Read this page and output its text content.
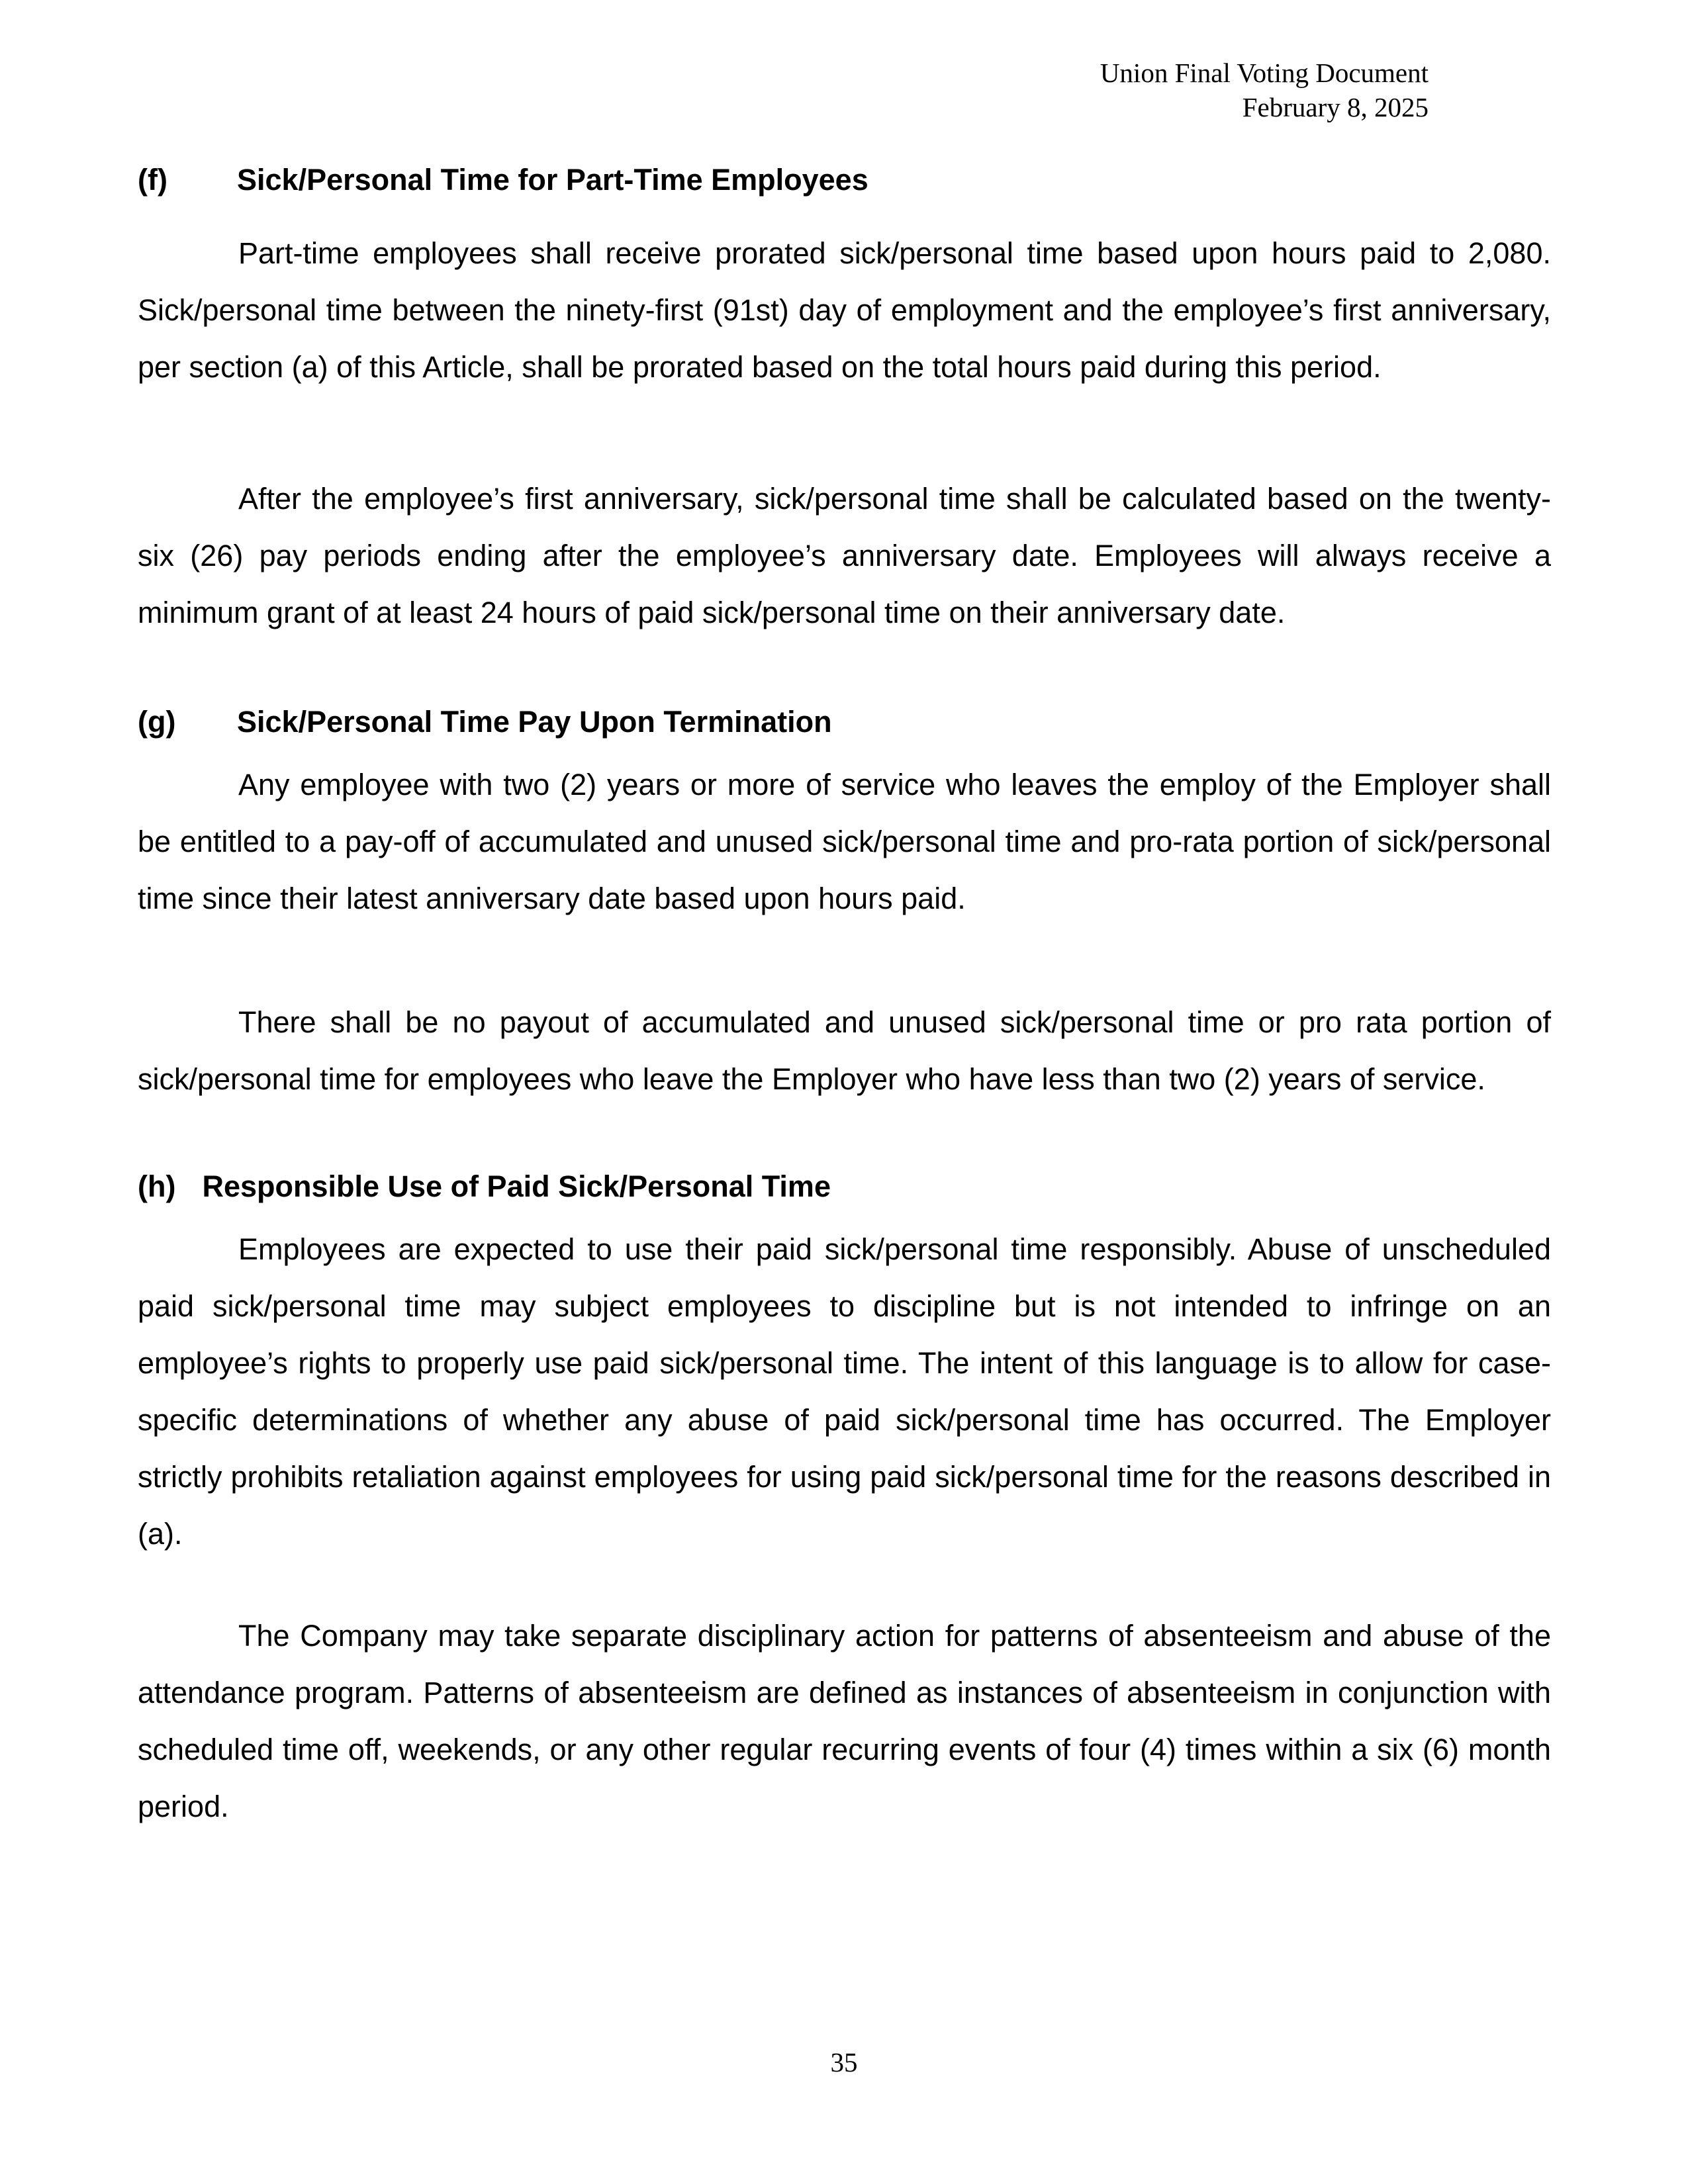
Union Final Voting Document
February 8, 2025
(f) Sick/Personal Time for Part-Time Employees

Part-time employees shall receive prorated sick/personal time based upon hours paid to 2,080. Sick/personal time between the ninety-first (91st) day of employment and the employee’s first anniversary, per section (a) of this Article, shall be prorated based on the total hours paid during this period.

After the employee’s first anniversary, sick/personal time shall be calculated based on the twenty-six (26) pay periods ending after the employee’s anniversary date. Employees will always receive a minimum grant of at least 24 hours of paid sick/personal time on their anniversary date.

(g) Sick/Personal Time Pay Upon Termination

Any employee with two (2) years or more of service who leaves the employ of the Employer shall be entitled to a pay-off of accumulated and unused sick/personal time and pro-rata portion of sick/personal time since their latest anniversary date based upon hours paid.

There shall be no payout of accumulated and unused sick/personal time or pro rata portion of sick/personal time for employees who leave the Employer who have less than two (2) years of service.

(h) Responsible Use of Paid Sick/Personal Time

Employees are expected to use their paid sick/personal time responsibly. Abuse of unscheduled paid sick/personal time may subject employees to discipline but is not intended to infringe on an employee’s rights to properly use paid sick/personal time. The intent of this language is to allow for case-specific determinations of whether any abuse of paid sick/personal time has occurred. The Employer strictly prohibits retaliation against employees for using paid sick/personal time for the reasons described in (a).

The Company may take separate disciplinary action for patterns of absenteeism and abuse of the attendance program. Patterns of absenteeism are defined as instances of absenteeism in conjunction with scheduled time off, weekends, or any other regular recurring events of four (4) times within a six (6) month period.

35
